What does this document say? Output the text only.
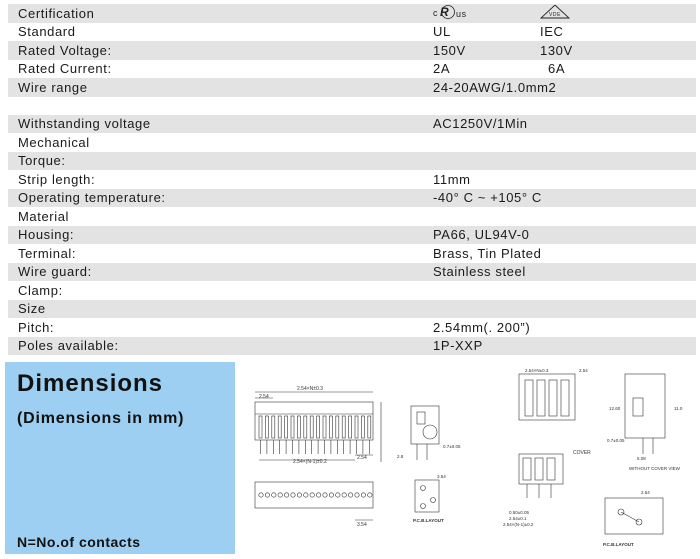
Certification	c R us	VDE
Standard	UL	IEC
Rated Voltage:	150V	130V
Rated Current:	2A	6A
Wire range	24-20AWG/1.0mm2
Withstanding voltage	AC1250V/1Min
Mechanical
Torque:
Strip length:	11mm
Operating temperature:	-40° C ~ +105° C
Material
Housing:	PA66, UL94V-0
Terminal:	Brass, Tin Plated
Wire guard:	Stainless steel
Clamp:
Size
Pitch:	2.54mm(. 200”)
Poles available:	1P-XXP
Dimensions
(Dimensions in mm)
N=No.of contacts
2.54×N±0.3
2.54
2.54×(N-1)±0.2
2.54
3.54
0.7±0.05
2.8
P.C.B.LAYOUT
3.54
2.54×N±0.3	2.54
COVER
0.50±0.05
2.54±0.1
2.54×(N-1)±0.2
12.60	11.0
0.7±0.05
5.08
WITHOUT COVER VIEW
2.54
P.C.B.LAYOUT
